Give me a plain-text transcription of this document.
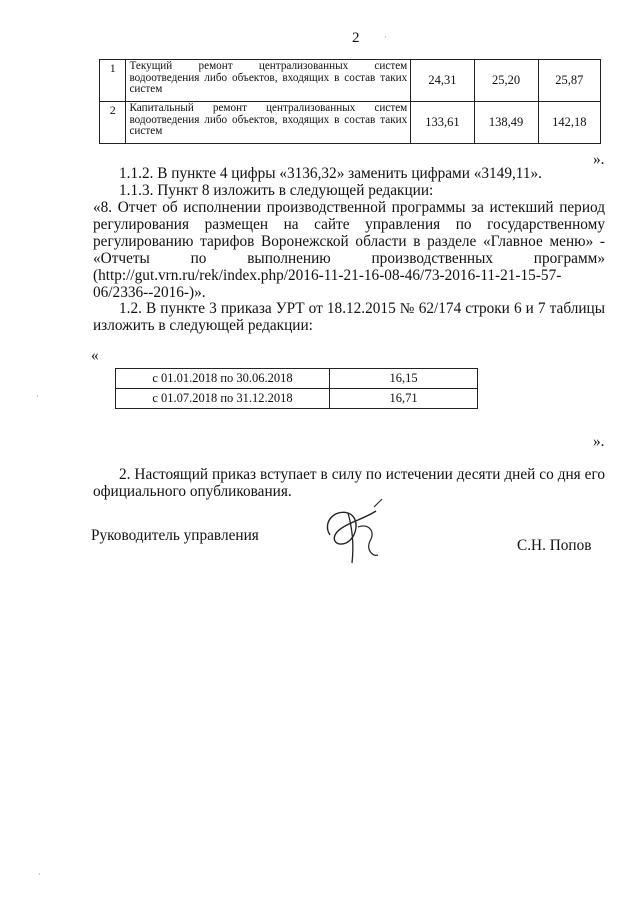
2
1	Текущий ремонт централизованных систем водоотведения либо объектов, входящих в состав таких систем	24,31	25,20	25,87
2	Капитальный ремонт централизованных систем водоотведения либо объектов, входящих в состав таких систем	133,61	138,49	142,18
».
1.1.2. В пункте 4 цифры «3136,32» заменить цифрами «3149,11».
1.1.3. Пункт 8 изложить в следующей редакции:
«8. Отчет об исполнении производственной программы за истекший период регулирования размещен на сайте управления по государственному регулированию тарифов Воронежской области в разделе «Главное меню» - «Отчеты по выполнению производственных программ» (http://gut.vrn.ru/rek/index.php/2016-11-21-16-08-46/73-2016-11-21-15-57-06/2336--2016-)».
1.2. В пункте 3 приказа УРТ от 18.12.2015 № 62/174 строки 6 и 7 таблицы изложить в следующей редакции:
«
с 01.01.2018 по 30.06.2018	16,15
с 01.07.2018 по 31.12.2018	16,71
».
2. Настоящий приказ вступает в силу по истечении десяти дней со дня его официального опубликования.
Руководитель управления
С.Н. Попов
·
·
·
